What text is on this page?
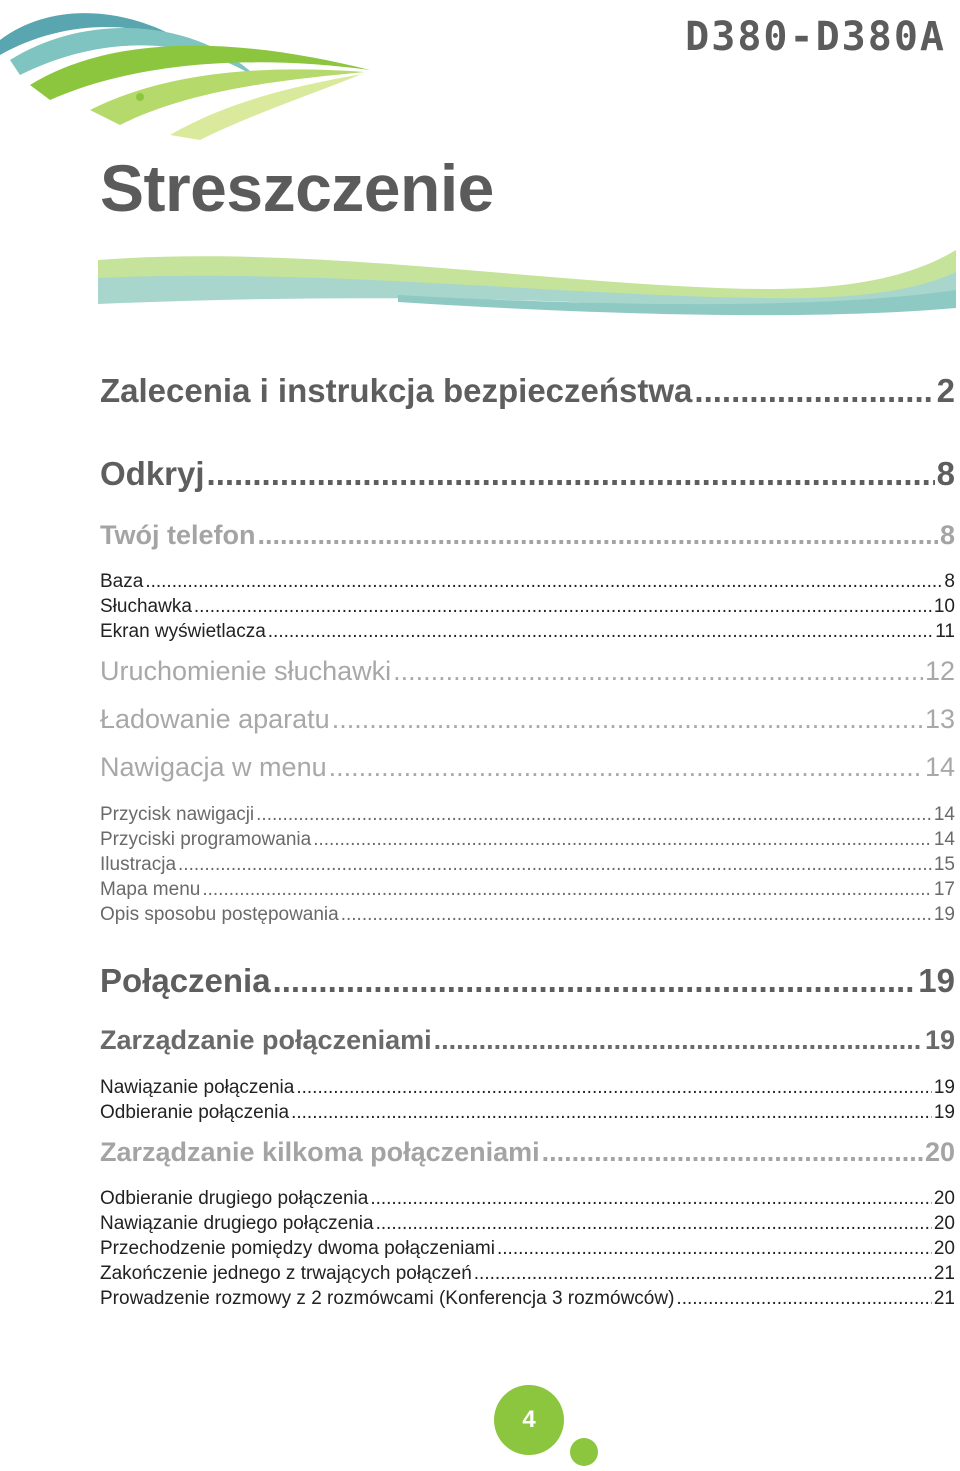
D380-D380A
Streszczenie
Zalecenia i instrukcja bezpieczeństwa .....	2
Odkryj .....	8
Twój telefon .....	8
Baza .....	8
Słuchawka .....	10
Ekran wyświetlacza .....	11
Uruchomienie słuchawki .....	12
Ładowanie aparatu .....	13
Nawigacja w menu .....	14
Przycisk nawigacji .....	14
Przyciski programowania .....	14
Ilustracja .....	15
Mapa menu .....	17
Opis sposobu postępowania .....	19
Połączenia .....	19
Zarządzanie połączeniami .....	19
Nawiązanie połączenia .....	19
Odbieranie połączenia .....	19
Zarządzanie kilkoma połączeniami .....	20
Odbieranie drugiego połączenia .....	20
Nawiązanie drugiego połączenia .....	20
Przechodzenie pomiędzy dwoma połączeniami .....	20
Zakończenie jednego z trwających połączeń .....	21
Prowadzenie rozmowy z 2 rozmówcami (Konferencja 3 rozmówców) .....	21
4
